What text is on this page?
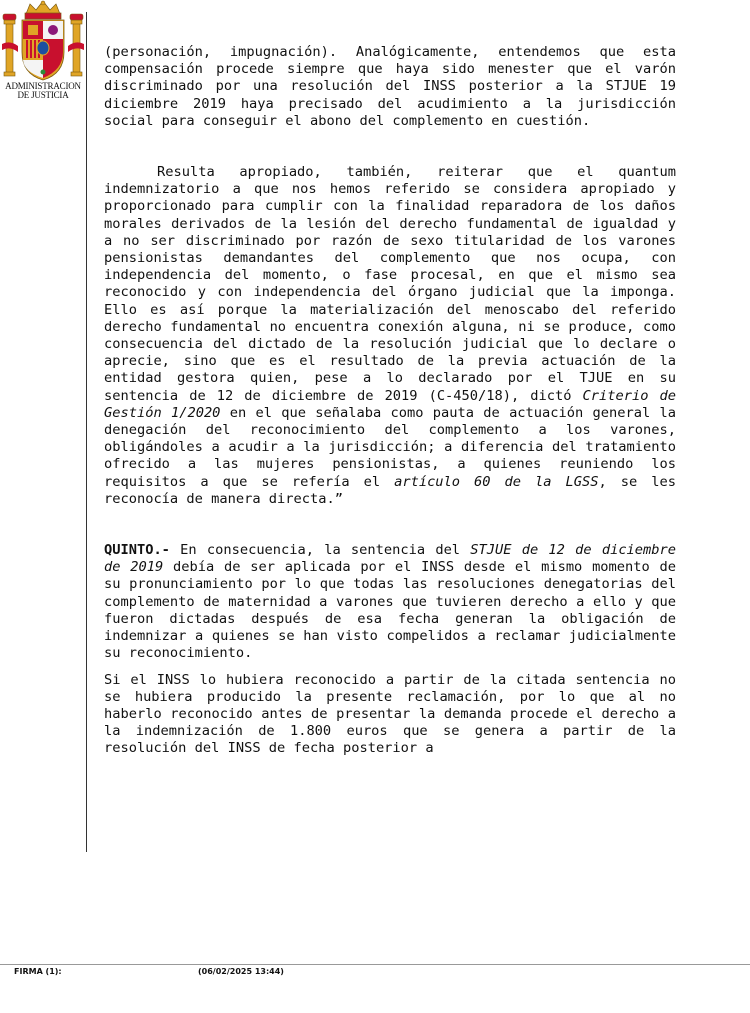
ADMINISTRACION
DE JUSTICIA

(personación, impugnación). Analógicamente, entendemos que esta compensación procede siempre que haya sido menester que el varón discriminado por una resolución del INSS posterior a la STJUE 19 diciembre 2019 haya precisado del acudimiento a la jurisdicción social para conseguir el abono del complemento en cuestión.

Resulta apropiado, también, reiterar que el quantum indemnizatorio a que nos hemos referido se considera apropiado y proporcionado para cumplir con la finalidad reparadora de los daños morales derivados de la lesión del derecho fundamental de igualdad y a no ser discriminado por razón de sexo titularidad de los varones pensionistas demandantes del complemento que nos ocupa, con independencia del momento, o fase procesal, en que el mismo sea reconocido y con independencia del órgano judicial que la imponga. Ello es así porque la materialización del menoscabo del referido derecho fundamental no encuentra conexión alguna, ni se produce, como consecuencia del dictado de la resolución judicial que lo declare o aprecie, sino que es el resultado de la previa actuación de la entidad gestora quien, pese a lo declarado por el TJUE en su sentencia de 12 de diciembre de 2019 (C-450/18), dictó Criterio de Gestión 1/2020 en el que señalaba como pauta de actuación general la denegación del reconocimiento del complemento a los varones, obligándoles a acudir a la jurisdicción; a diferencia del tratamiento ofrecido a las mujeres pensionistas, a quienes reuniendo los requisitos a que se refería el artículo 60 de la LGSS, se les reconocía de manera directa.”

QUINTO.- En consecuencia, la sentencia del STJUE de 12 de diciembre de 2019 debía de ser aplicada por el INSS desde el mismo momento de su pronunciamiento por lo que todas las resoluciones denegatorias del complemento de maternidad a varones que tuvieren derecho a ello y que fueron dictadas después de esa fecha generan la obligación de indemnizar a quienes se han visto compelidos a reclamar judicialmente su reconocimiento.

Si el INSS lo hubiera reconocido a partir de la citada sentencia no se hubiera producido la presente reclamación, por lo que al no haberlo reconocido antes de presentar la demanda procede el derecho a la indemnización de 1.800 euros que se genera a partir de la resolución del INSS de fecha posterior a

FIRMA (1):	(06/02/2025 13:44)
